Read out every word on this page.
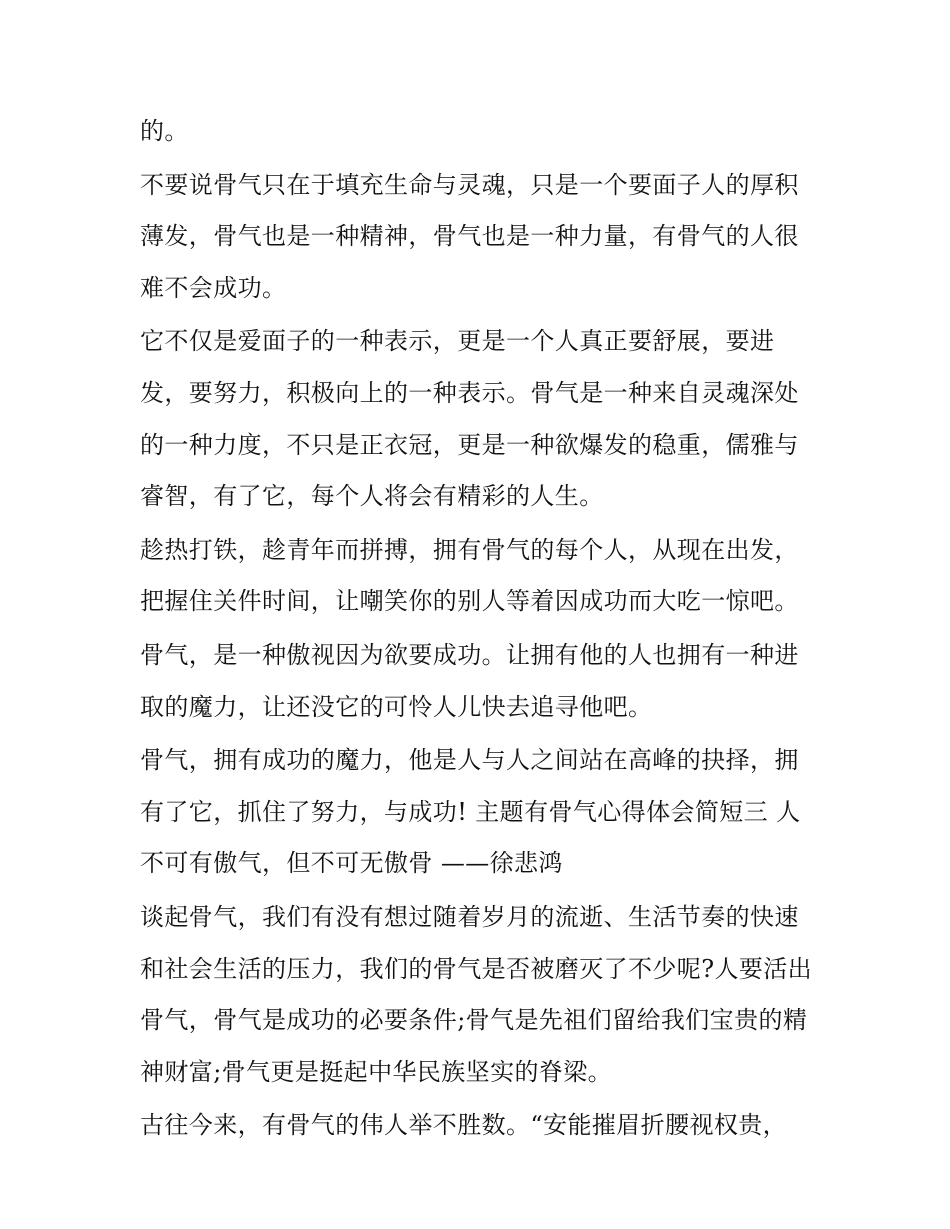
的。

不要说骨气只在于填充生命与灵魂，只是一个要面子人的厚积薄发，骨气也是一种精神，骨气也是一种力量，有骨气的人很难不会成功。

它不仅是爱面子的一种表示，更是一个人真正要舒展，要进发，要努力，积极向上的一种表示。骨气是一种来自灵魂深处的一种力度，不只是正衣冠，更是一种欲爆发的稳重，儒雅与睿智，有了它，每个人将会有精彩的人生。

趁热打铁，趁青年而拼搏，拥有骨气的每个人，从现在出发，把握住关件时间，让嘲笑你的别人等着因成功而大吃一惊吧。

骨气，是一种傲视因为欲要成功。让拥有他的人也拥有一种进取的魔力，让还没它的可怜人儿快去追寻他吧。

骨气，拥有成功的魔力，他是人与人之间站在高峰的抉择，拥有了它，抓住了努力，与成功! 主题有骨气心得体会简短三 人不可有傲气，但不可无傲骨 ——徐悲鸿

谈起骨气，我们有没有想过随着岁月的流逝、生活节奏的快速和社会生活的压力，我们的骨气是否被磨灭了不少呢?人要活出骨气，骨气是成功的必要条件;骨气是先祖们留给我们宝贵的精神财富;骨气更是挺起中华民族坚实的脊梁。

古往今来，有骨气的伟人举不胜数。“安能摧眉折腰视权贵，
